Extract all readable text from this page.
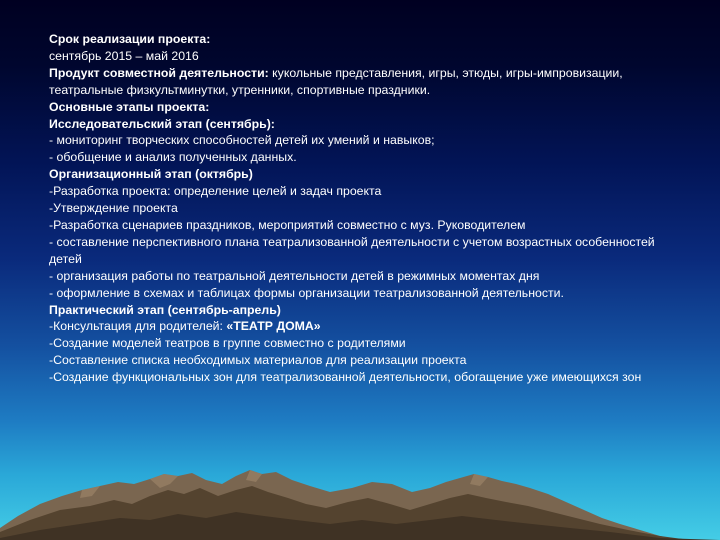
Срок реализации проекта:

сентябрь 2015 – май 2016

Продукт совместной деятельности: кукольные представления, игры, этюды, игры-импровизации, театральные физкультминутки, утренники, спортивные праздники.

Основные этапы проекта:

Исследовательский этап (сентябрь):

- мониторинг творческих способностей детей их умений и навыков;

- обобщение и анализ полученных данных.

Организационный этап (октябрь)

-Разработка проекта: определение целей и задач проекта

-Утверждение проекта

-Разработка сценариев праздников, мероприятий совместно с муз. Руководителем

- составление перспективного плана театрализованной деятельности с учетом возрастных особенностей детей

- организация работы по театральной деятельности детей в режимных моментах дня

- оформление в схемах и таблицах формы организации театрализованной деятельности.

Практический этап (сентябрь-апрель)

-Консультация для родителей: «ТЕАТР ДОМА»

-Создание моделей театров в группе совместно с родителями

-Составление списка необходимых материалов для реализации проекта

-Создание функциональных зон для театрализованной деятельности, обогащение уже имеющихся зон
